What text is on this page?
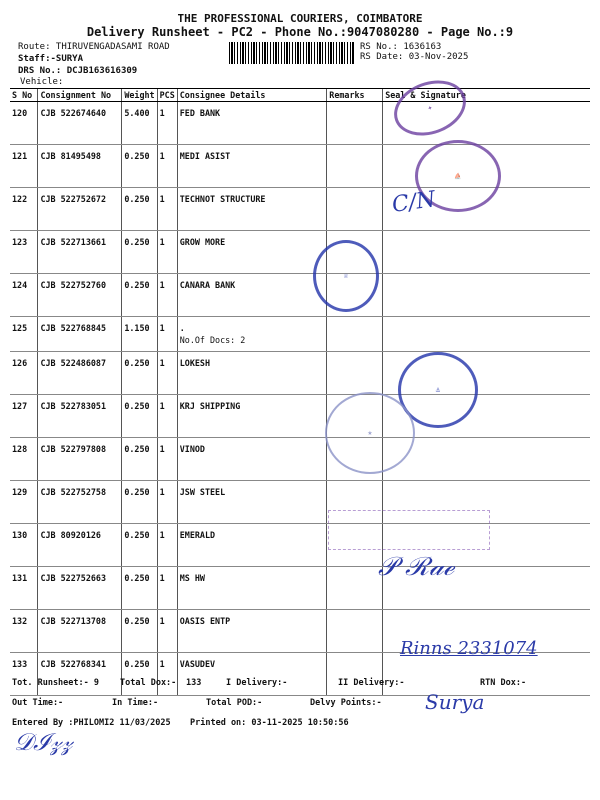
THE PROFESSIONAL COURIERS, COIMBATORE
Delivery Runsheet - PC2 - Phone No.:9047080280 - Page No.:9
Route: THIRUVENGADASAMI ROAD
Staff:-SURYA
DRS No.: DCJB163616309
Vehicle:
RS No.: 1636163
RS Date: 03-Nov-2025
S No	Consignment No	Weight	PCS	Consignee Details	Remarks	Seal & Signature
120	CJB 522674640	5.400	1	FED BANK		
121	CJB 81495498	0.250	1	MEDI ASIST		
122	CJB 522752672	0.250	1	TECHNOT STRUCTURE		
123	CJB 522713661	0.250	1	GROW MORE		
124	CJB 522752760	0.250	1	CANARA BANK		
125	CJB 522768845	1.150	1	.
No.Of Docs: 2		

126	CJB 522486087	0.250	1	LOKESH		
127	CJB 522783051	0.250	1	KRJ SHIPPING		
128	CJB 522797808	0.250	1	VINOD		
129	CJB 522752758	0.250	1	JSW STEEL		
130	CJB 80920126	0.250	1	EMERALD		
131	CJB 522752663	0.250	1	MS HW		
132	CJB 522713708	0.250	1	OASIS ENTP		
133	CJB 522768341	0.250	1	VASUDEV		
✦
⛵
C/N
♕
⚓
★
𝒫 ℛ𝒶ℯ
Rinns 2331074
Tot. Runsheet:- 9 Total Dox:- 133	I Delivery:-	II Delivery:-	RTN Dox:-
Out Time:-	In Time:-	Total POD:-	Delvy Points:- Surya
Entered By :PHILOMI2 11/03/2025 Printed on: 03-11-2025 10:50:56
𝒟ℐ𝓏𝓏
